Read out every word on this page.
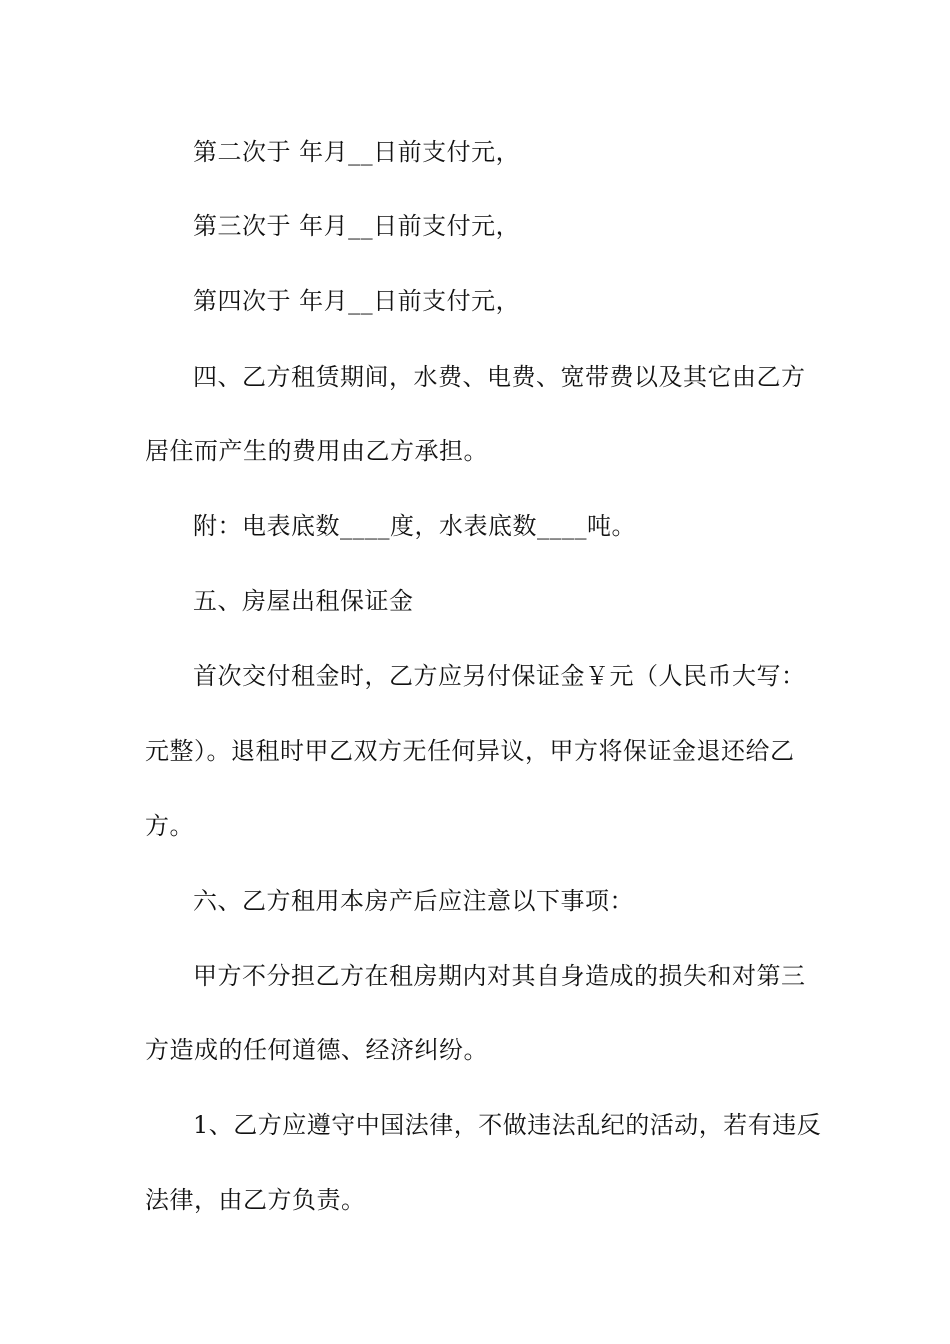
第二次于 年月__日前支付元，
第三次于 年月__日前支付元，
第四次于 年月__日前支付元，
四、乙方租赁期间，水费、电费、宽带费以及其它由乙方
居住而产生的费用由乙方承担。
附：电表底数____度，水表底数____吨。
五、房屋出租保证金
首次交付租金时，乙方应另付保证金￥元（人民币大写：
元整）。退租时甲乙双方无任何异议，甲方将保证金退还给乙
方。
六、乙方租用本房产后应注意以下事项：
甲方不分担乙方在租房期内对其自身造成的损失和对第三
方造成的任何道德、经济纠纷。
1、乙方应遵守中国法律，不做违法乱纪的活动，若有违反
法律，由乙方负责。
